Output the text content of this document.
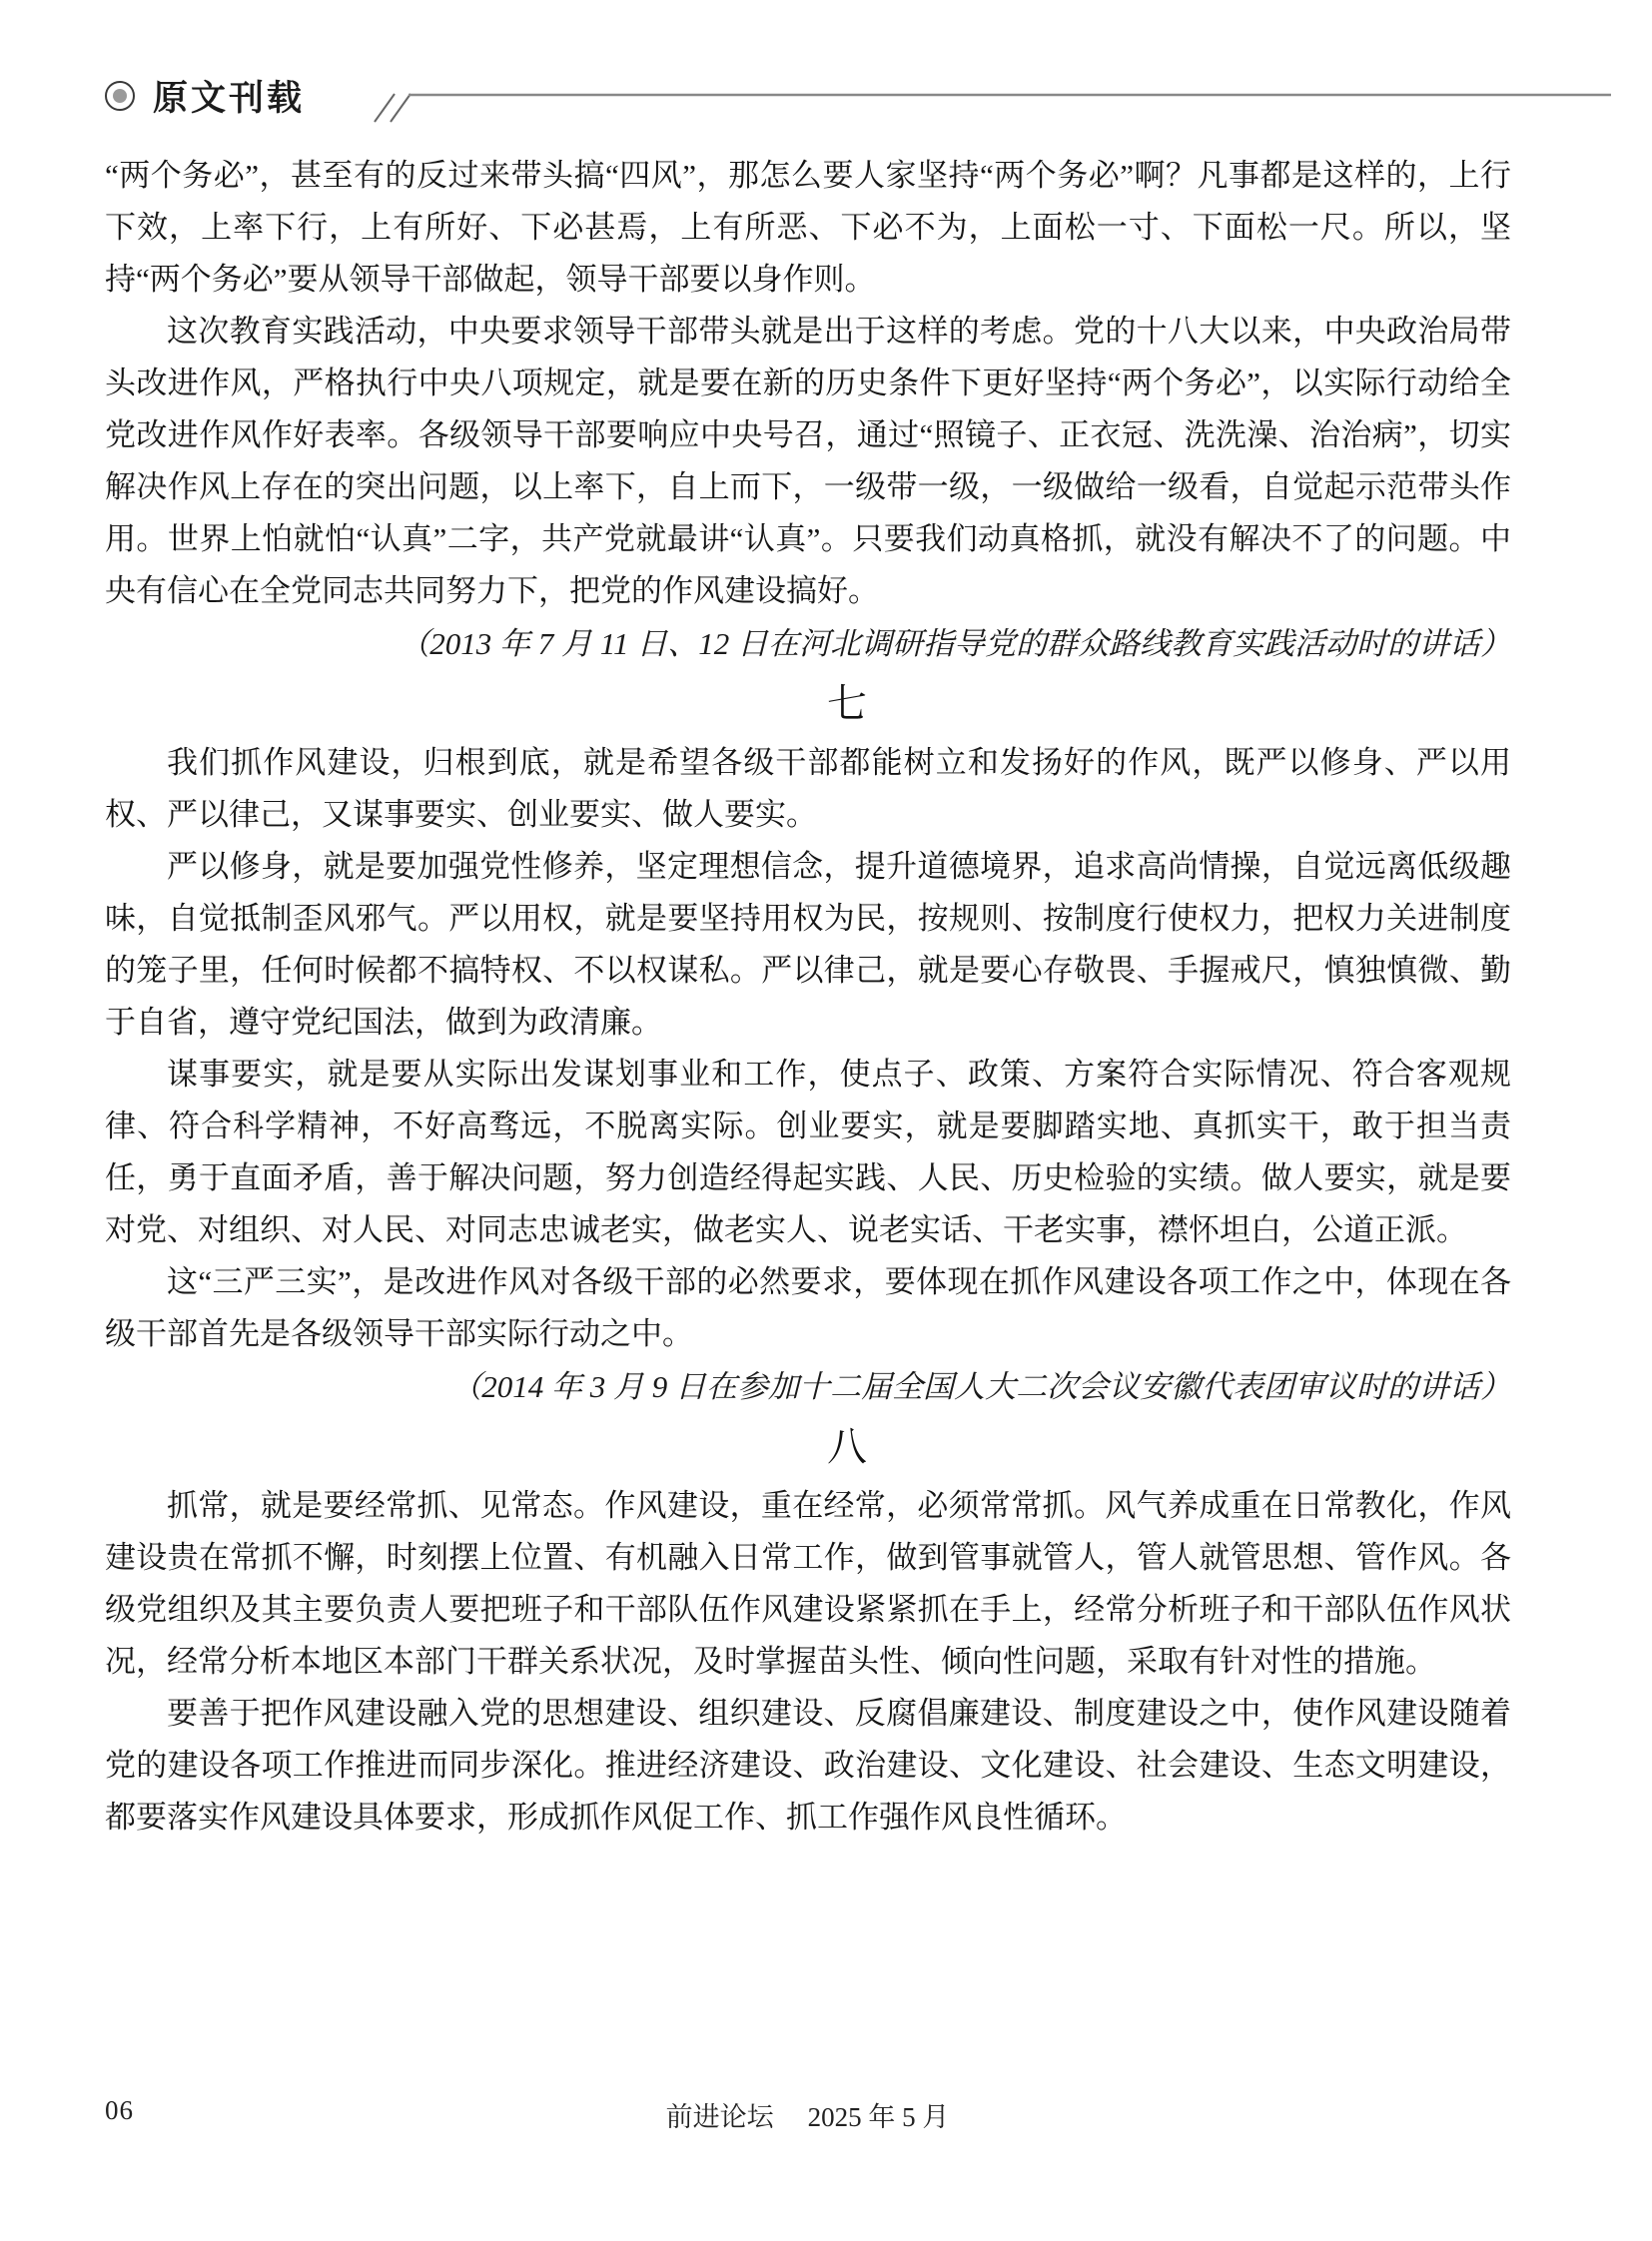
原文刊载

“两个务必”，甚至有的反过来带头搞“四风”，那怎么要人家坚持“两个务必”啊？凡事都是这样的，上行下效，上率下行，上有所好、下必甚焉，上有所恶、下必不为，上面松一寸、下面松一尺。所以，坚持“两个务必”要从领导干部做起，领导干部要以身作则。

这次教育实践活动，中央要求领导干部带头就是出于这样的考虑。党的十八大以来，中央政治局带头改进作风，严格执行中央八项规定，就是要在新的历史条件下更好坚持“两个务必”，以实际行动给全党改进作风作好表率。各级领导干部要响应中央号召，通过“照镜子、正衣冠、洗洗澡、治治病”，切实解决作风上存在的突出问题，以上率下，自上而下，一级带一级，一级做给一级看，自觉起示范带头作用。世界上怕就怕“认真”二字，共产党就最讲“认真”。只要我们动真格抓，就没有解决不了的问题。中央有信心在全党同志共同努力下，把党的作风建设搞好。

（2013 年 7 月 11 日、12 日在河北调研指导党的群众路线教育实践活动时的讲话）

七

我们抓作风建设，归根到底，就是希望各级干部都能树立和发扬好的作风，既严以修身、严以用权、严以律己，又谋事要实、创业要实、做人要实。

严以修身，就是要加强党性修养，坚定理想信念，提升道德境界，追求高尚情操，自觉远离低级趣味，自觉抵制歪风邪气。严以用权，就是要坚持用权为民，按规则、按制度行使权力，把权力关进制度的笼子里，任何时候都不搞特权、不以权谋私。严以律己，就是要心存敬畏、手握戒尺，慎独慎微、勤于自省，遵守党纪国法，做到为政清廉。

谋事要实，就是要从实际出发谋划事业和工作，使点子、政策、方案符合实际情况、符合客观规律、符合科学精神，不好高骛远，不脱离实际。创业要实，就是要脚踏实地、真抓实干，敢于担当责任，勇于直面矛盾，善于解决问题，努力创造经得起实践、人民、历史检验的实绩。做人要实，就是要对党、对组织、对人民、对同志忠诚老实，做老实人、说老实话、干老实事，襟怀坦白，公道正派。

这“三严三实”，是改进作风对各级干部的必然要求，要体现在抓作风建设各项工作之中，体现在各级干部首先是各级领导干部实际行动之中。

（2014 年 3 月 9 日在参加十二届全国人大二次会议安徽代表团审议时的讲话）

八

抓常，就是要经常抓、见常态。作风建设，重在经常，必须常常抓。风气养成重在日常教化，作风建设贵在常抓不懈，时刻摆上位置、有机融入日常工作，做到管事就管人，管人就管思想、管作风。各级党组织及其主要负责人要把班子和干部队伍作风建设紧紧抓在手上，经常分析班子和干部队伍作风状况，经常分析本地区本部门干群关系状况，及时掌握苗头性、倾向性问题，采取有针对性的措施。

要善于把作风建设融入党的思想建设、组织建设、反腐倡廉建设、制度建设之中，使作风建设随着党的建设各项工作推进而同步深化。推进经济建设、政治建设、文化建设、社会建设、生态文明建设，都要落实作风建设具体要求，形成抓作风促工作、抓工作强作风良性循环。

06	前进论坛 2025 年 5 月
